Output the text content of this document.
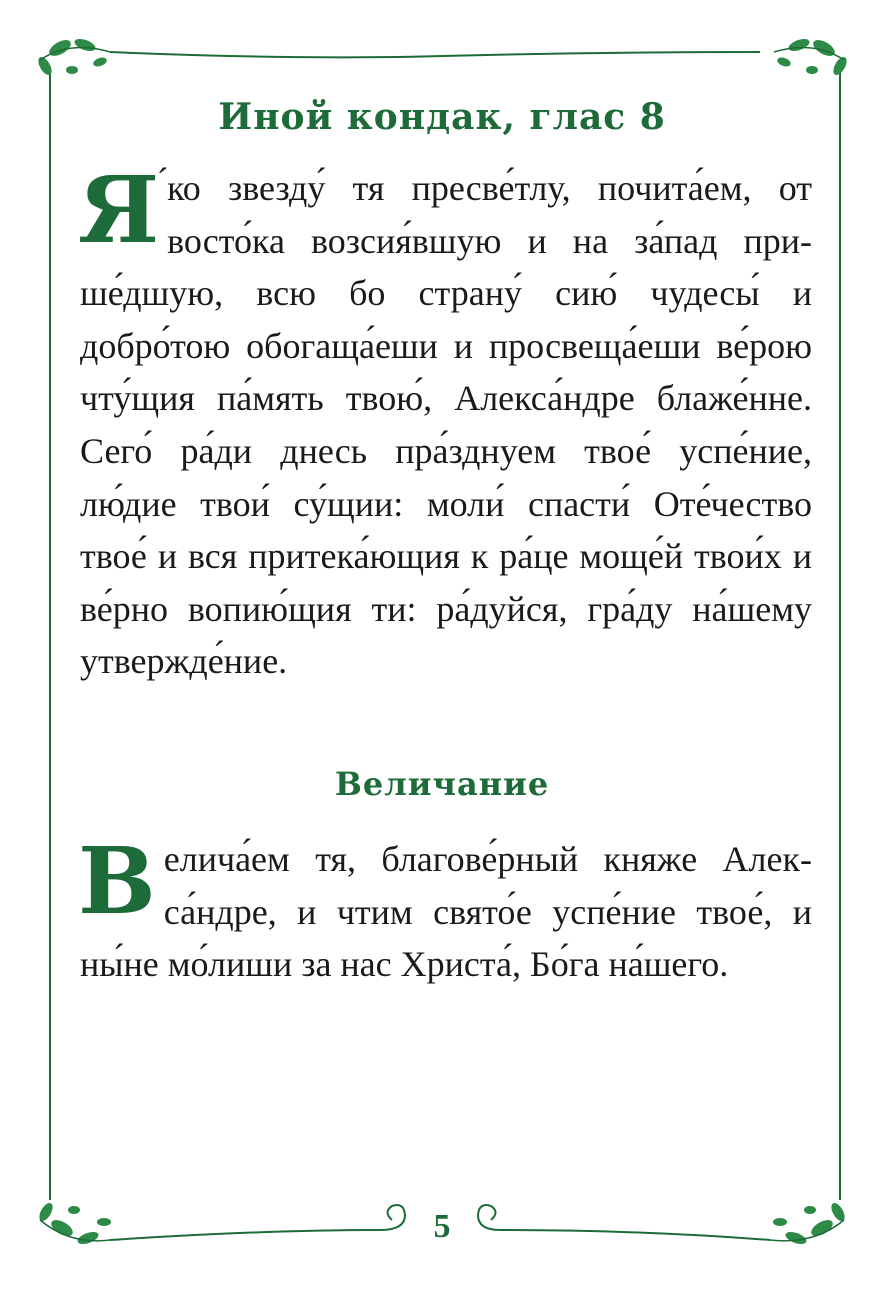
Иной кондак, глас 8
Я ́ко звезду́ тя пресве́тлу, почита́ем, от восто́ка возсия́вшую и на за́пад прише́дшую, всю бо страну́ сию́ чудесы́ и добро́тою обогаща́еши и просвеща́еши ве́рою чту́щия па́мять твою́, Алекса́ндре блаже́нне. Сего́ ра́ди днесь пра́зднуем твое́ успе́ние, лю́дие твои́ су́щии: моли́ спасти́ Оте́чество твое́ и вся притека́ющия к ра́це моще́й твои́х и ве́рно вопию́щия ти: ра́дуйся, гра́ду на́шему утвержде́ние.
Величание
В елича́ем тя, благове́рный княже Алекса́ндре, и чтим свято́е успе́ние твое́, и ны́не мо́лиши за нас Христа́, Бо́га на́шего.
5
